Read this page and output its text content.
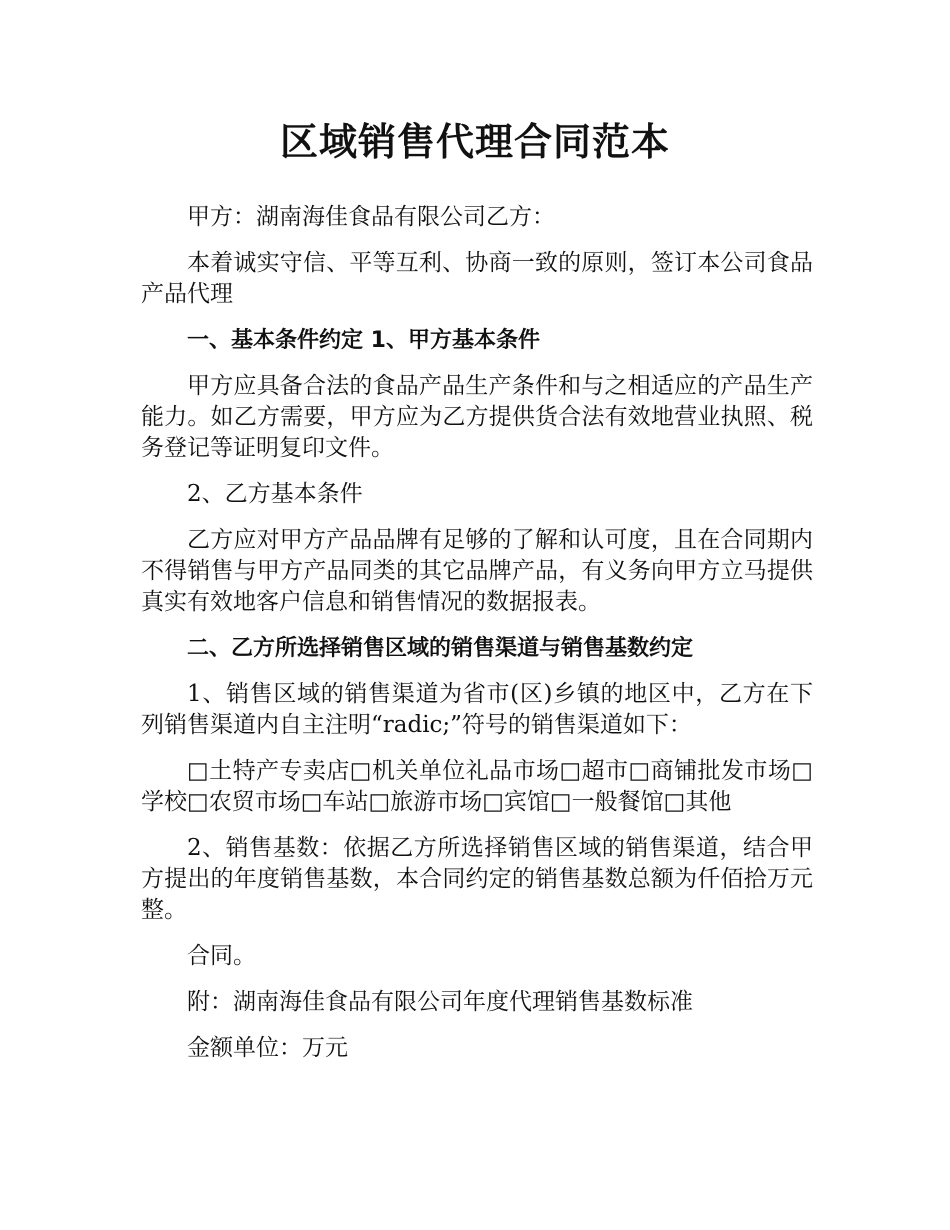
区域销售代理合同范本

甲方：湖南海佳食品有限公司乙方：

本着诚实守信、平等互利、协商一致的原则，签订本公司食品产品代理

一、基本条件约定 1、甲方基本条件

甲方应具备合法的食品产品生产条件和与之相适应的产品生产能力。如乙方需要，甲方应为乙方提供货合法有效地营业执照、税务登记等证明复印文件。

2、乙方基本条件

乙方应对甲方产品品牌有足够的了解和认可度，且在合同期内不得销售与甲方产品同类的其它品牌产品，有义务向甲方立马提供真实有效地客户信息和销售情况的数据报表。

二、乙方所选择销售区域的销售渠道与销售基数约定

1、销售区域的销售渠道为省市(区)乡镇的地区中，乙方在下列销售渠道内自主注明“radic;”符号的销售渠道如下：

□土特产专卖店□机关单位礼品市场□超市□商铺批发市场□学校□农贸市场□车站□旅游市场□宾馆□一般餐馆□其他

2、销售基数：依据乙方所选择销售区域的销售渠道，结合甲方提出的年度销售基数，本合同约定的销售基数总额为仟佰拾万元整。

合同。

附：湖南海佳食品有限公司年度代理销售基数标准

金额单位：万元
